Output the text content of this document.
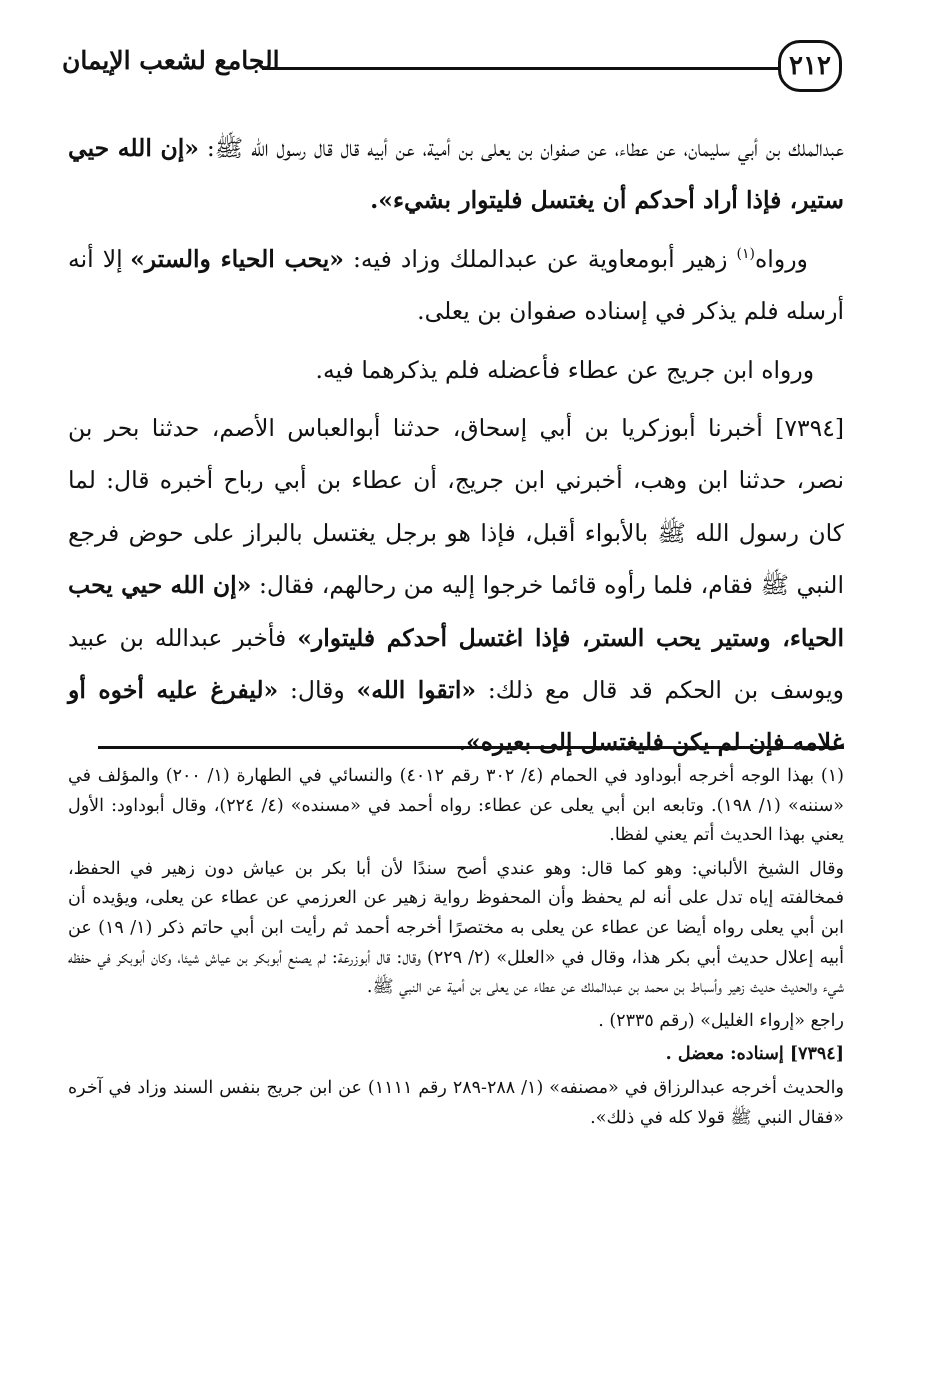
٢١٢
الجامع لشعب الإيمان

عبدالملك بن أبي سليمان، عن عطاء، عن صفوان بن يعلى بن أمية، عن أبيه قال قال رسول الله ﷺ: «إن الله حيي ستير، فإذا أراد أحدكم أن يغتسل فليتوار بشيء».

ورواه$^{(١)}$ زهير أبومعاوية عن عبدالملك وزاد فيه: «يحب الحياء والستر» إلا أنه أرسله فلم يذكر في إسناده صفوان بن يعلى.

ورواه ابن جريج عن عطاء فأعضله فلم يذكرهما فيه.

[٧٣٩٤] أخبرنا أبوزكريا بن أبي إسحاق، حدثنا أبوالعباس الأصم، حدثنا بحر بن نصر، حدثنا ابن وهب، أخبرني ابن جريج، أن عطاء بن أبي رباح أخبره قال: لما كان رسول الله ﷺ بالأبواء أقبل، فإذا هو برجل يغتسل بالبراز على حوض فرجع النبي ﷺ فقام، فلما رأوه قائما خرجوا إليه من رحالهم، فقال: «إن الله حيي يحب الحياء، وستير يحب الستر، فإذا اغتسل أحدكم فليتوار» فأخبر عبدالله بن عبيد ويوسف بن الحكم قد قال مع ذلك: «اتقوا الله» وقال: «ليفرغ عليه أخوه أو غلامه فإن لم يكن فليغتسل إلى بعيره».

(١) بهذا الوجه أخرجه أبوداود في الحمام (٤/ ٣٠٢ رقم ٤٠١٢) والنسائي في الطهارة (١/ ٢٠٠) والمؤلف في «سننه» (١/ ١٩٨). وتابعه ابن أبي يعلى عن عطاء: رواه أحمد في «مسنده» (٤/ ٢٢٤)، وقال أبوداود: الأول يعني بهذا الحديث أتم يعني لفظا.

وقال الشيخ الألباني: وهو كما قال: وهو عندي أصح سندًا لأن أبا بكر بن عياش دون زهير في الحفظ، فمخالفته إياه تدل على أنه لم يحفظ وأن المحفوظ رواية زهير عن العرزمي عن عطاء عن يعلى، ويؤيده أن ابن أبي يعلى رواه أيضا عن عطاء عن يعلى به مختصرًا أخرجه أحمد ثم رأيت ابن أبي حاتم ذكر (١/ ١٩) عن أبيه إعلال حديث أبي بكر هذا، وقال في «العلل» (٢/ ٢٢٩) وقال: قال أبوزرعة: لم يصنع أبوبكر بن عياش شيئا، وكان أبوبكر في حفظه شيء والحديث حديث زهير وأسباط بن محمد بن عبدالملك عن عطاء عن يعلى بن أمية عن النبي ﷺ.

راجع «إرواء الغليل» (رقم ٢٣٣٥) .

[٧٣٩٤] إسناده: معضل .

والحديث أخرجه عبدالرزاق في «مصنفه» (١/ ٢٨٨-٢٨٩ رقم ١١١١) عن ابن جريج بنفس السند وزاد في آخره «فقال النبي ﷺ قولا كله في ذلك».
